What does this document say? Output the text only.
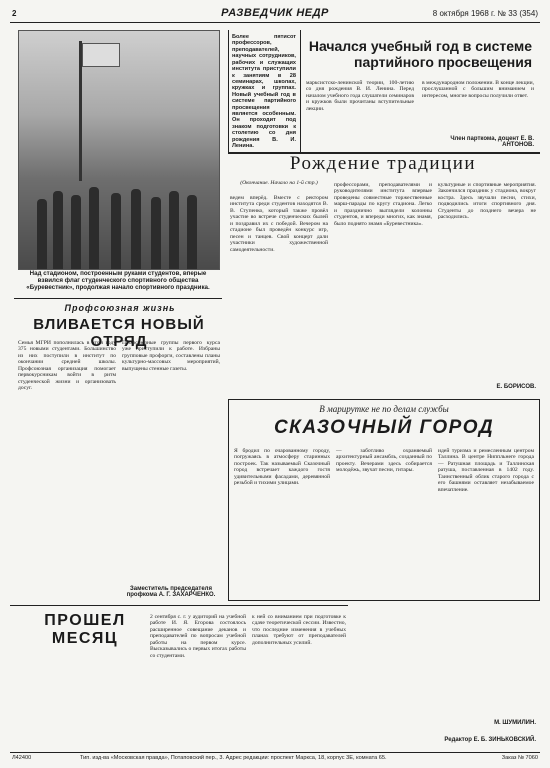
2	РАЗВЕДЧИК НЕДР	8 октября 1968 г. № 33 (354)
Над стадионом, построенным руками студентов, вперые взвился флаг студенческого спортивного общества «Буревестник», продолжая начало спортивного праздника.
Более пятисот профессоров, преподавателей, научных сотрудников, рабочих и служащих института приступили к занятиям в 28 семинарах, школах, кружках и группах. Новый учебный год в системе партийного просвещения является особенным. Он проходит под знаком подготовки к столетию со дня рождения В. И. Ленина.
Начался учебный год в системе партийного просвещения
марксистско-ленинской теории, 100-летию со дня рождения В. И. Ленина. Перед началом учебного года слушатели семинаров и кружков были прочитаны вступительные лекции.
в международном положении. В конце лекции, прослушанной с большим вниманием и интересом, многие вопросы получили ответ.
Член парткома, доцент Е. В. АНТОНОВ.
Рождение традиции
(Окончание. Начало на 1-й стр.)
ведем вперёд. Вместе с ректором института среди студентов находятся В. В. Ступенко, который также провёл участие во встрече студенческих былей и поздравил их с победой. Вечером на стадионе был проведён конкурс игр, песен и танцев. Свой концерт дали участники художественной самодеятельности.
профессорами, преподавателями и руководителями института впервые проведены совместные торжественные марш-парады по кругу стадиона. Легко и празднично выглядели колонны студентов, и впереди многих, как знамя, было поднято знамя «Буревестника».
культурные и спортивные мероприятия. Закончился праздник у стадиона, вокруг костра. Здесь звучали песни, стихи, подводились итоги спортивного дня. Студенты до позднего вечера не расходились.
Е. БОРИСОВ.
Профсоюзная жизнь
ВЛИВАЕТСЯ НОВЫЙ ОТРЯД
Семья МГРИ пополнилась в этом году 375 новыми студентами. Большинство из них поступили в институт по окончании средней школы. Профсоюзная организация помогает первокурсникам войти в ритм студенческой жизни и организовать досуг.
Профсоюзные группы первого курса уже приступили к работе. Избраны групповые профорги, составлены планы культурно-массовых мероприятий, выпущены стенные газеты.
Заместитель председателя профкома А. Г. ЗАХАРЧЕНКО.
В марирутке не по делам службы
СКАЗОЧНЫЙ ГОРОД
Я бродил по очарованному городу, погружаясь в атмосферу старинных построек. Так называемый Сказочный город встречает каждого гостя удивительными фасадами, деревянной резьбой и тихими улицами.
— заботливо охраняемый архитектурный ансамбль, созданный по проекту. Вечерами здесь собирается молодёжь, звучат песни, гитары.
идей туризма и ремесленным центром Таллина. В центре Ниппльнеге города — Ратушная площадь и Таллинская ратуша, поставленная в 1402 году. Таинственный облик старого города с его башнями оставляет незабываемое впечатление.
М. ШУМИЛИН.
Редактор Е. Б. ЗИНЬКОВСКИЙ.
ПРОШЕЛ МЕСЯЦ
2 сентября с. г. у аудиторий на учебной работе И. Я. Егорова состоялось расширенное совещание деканов и преподавателей по вопросам учебной работы на первом курсе. Высказывались о первых итогах работы со студентами.
к ней со вниманием при подготовке к сдаче теоретической сессии. Известно, что последние изменения в учебных планах требуют от преподавателей дополнительных усилий.
Л42400	Тип. изд-ва «Московская правда», Потаповский пер., 3. Адрес редакции: проспект Маркса, 18, корпус 3Е, комната 65.	Заказ № 7060
